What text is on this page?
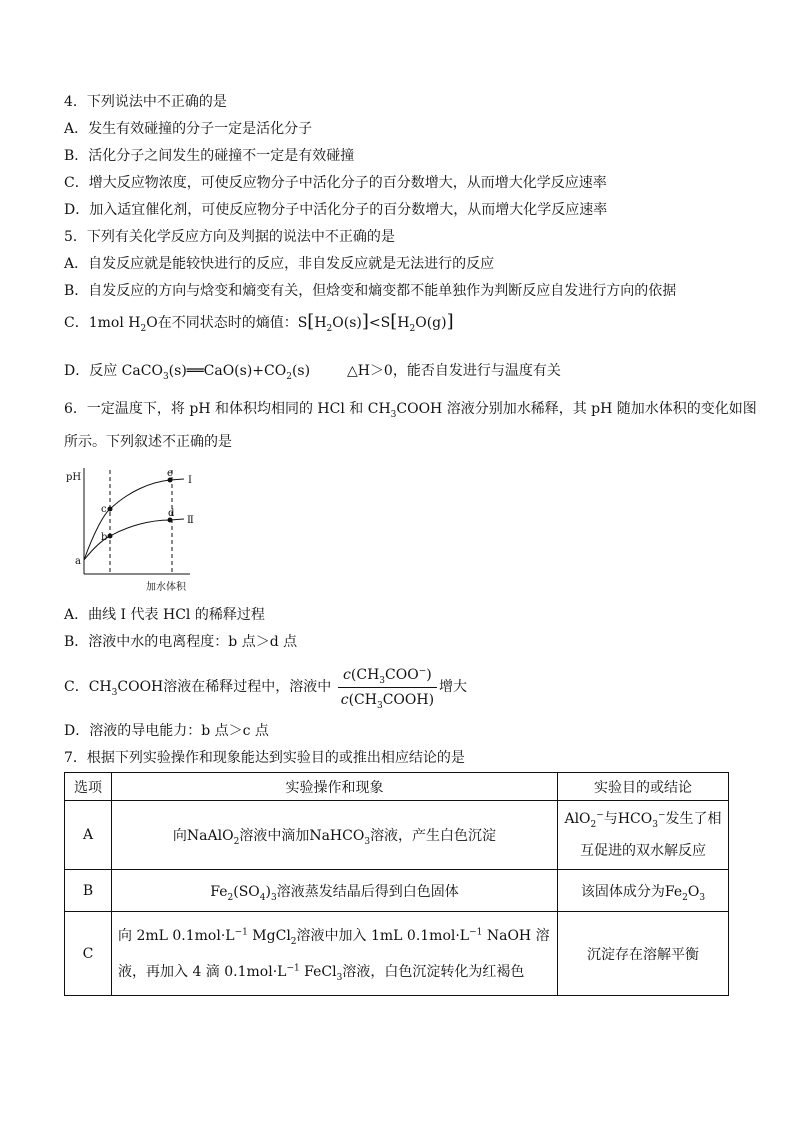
4．下列说法中不正确的是
A．发生有效碰撞的分子一定是活化分子
B．活化分子之间发生的碰撞不一定是有效碰撞
C．增大反应物浓度，可使反应物分子中活化分子的百分数增大，从而增大化学反应速率
D．加入适宜催化剂，可使反应物分子中活化分子的百分数增大，从而增大化学反应速率
5．下列有关化学反应方向及判据的说法中不正确的是
A．自发反应就是能较快进行的反应，非自发反应就是无法进行的反应
B．自发反应的方向与焓变和熵变有关，但焓变和熵变都不能单独作为判断反应自发进行方向的依据
C．1mol $H_2O$在不同状态时的熵值：$S[H_2O(s)]<S[H_2O(g)]$
D．反应 $CaCO_3(s)══CaO(s)+CO_2(s)$  △H＞0，能否自发进行与温度有关
6．一定温度下，将 pH 和体积均相同的 HCl 和 $CH_3COOH$ 溶液分别加水稀释，其 pH 随加水体积的变化如图
所示。下列叙述不正确的是
pH
加水体积
a
b
c	d
e
I
Ⅱ
A．曲线 I 代表 HCl 的稀释过程
B．溶液中水的电离程度：b 点＞d 点
C．$CH_3COOH$溶液在稀释过程中，溶液中 $\frac{c(CH_3COO^-)}{c(CH_3COOH)}$ 增大
D．溶液的导电能力：b 点＞c 点
7．根据下列实验操作和现象能达到实验目的或推出相应结论的是
选项	实验操作和现象	实验目的或结论
A	向NaAlO$_2$溶液中滴加NaHCO$_3$溶液，产生白色沉淀	AlO$_2$−与$HCO_3^-$发生了相
互促进的双水解反应
B	$Fe_2(SO_4)_3$溶液蒸发结晶后得到白色固体	该固体成分为$Fe_2O_3$
C	向 2mL $0.1mol\cdot L^{-1}$ MgCl$_2$溶液中加入 1mL $0.1mol\cdot L^{-1}$ NaOH 溶
液，再加入 4 滴 $0.1mol\cdot L^{-1}$ FeCl$_3$溶液，白色沉淀转化为红褐色	沉淀存在溶解平衡
